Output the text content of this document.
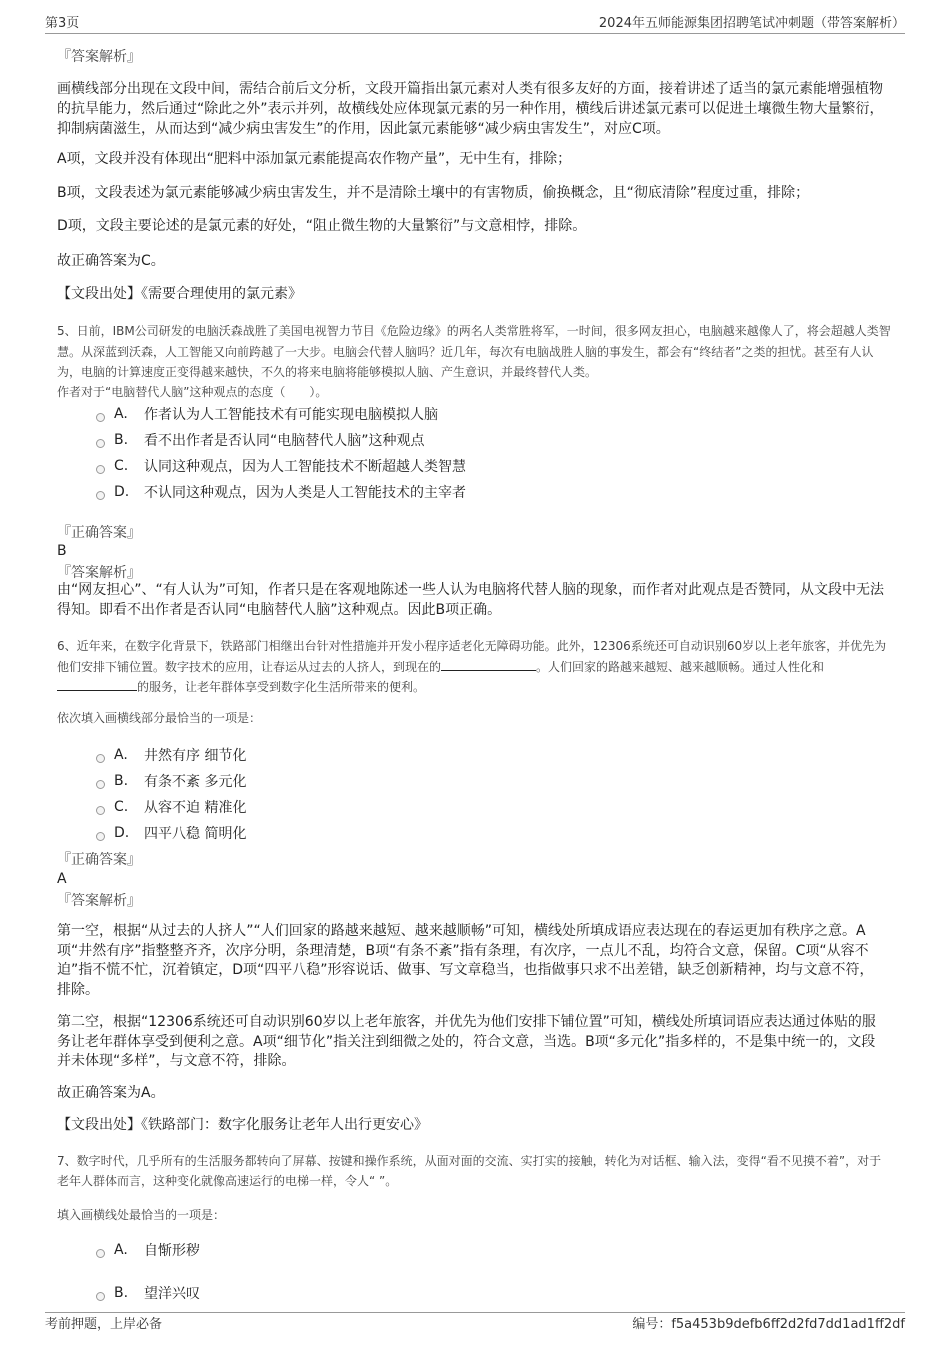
第3页	2024年五师能源集团招聘笔试冲刺题（带答案解析）
『答案解析』
画横线部分出现在文段中间，需结合前后文分析，文段开篇指出氯元素对人类有很多友好的方面，接着讲述了适当的氯元素能增强植物的抗旱能力，然后通过“除此之外”表示并列，故横线处应体现氯元素的另一种作用，横线后讲述氯元素可以促进土壤微生物大量繁衍，抑制病菌滋生，从而达到“减少病虫害发生”的作用，因此氯元素能够“减少病虫害发生”，对应C项。
A项，文段并没有体现出“肥料中添加氯元素能提高农作物产量”，无中生有，排除；
B项，文段表述为氯元素能够减少病虫害发生，并不是清除土壤中的有害物质，偷换概念，且“彻底清除”程度过重，排除；
D项，文段主要论述的是氯元素的好处，“阻止微生物的大量繁衍”与文意相悖，排除。
故正确答案为C。
【文段出处】《需要合理使用的氯元素》
5、日前，IBM公司研发的电脑沃森战胜了美国电视智力节目《危险边缘》的两名人类常胜将军，一时间，很多网友担心，电脑越来越像人了，将会超越人类智慧。从深蓝到沃森，人工智能又向前跨越了一大步。电脑会代替人脑吗？近几年，每次有电脑战胜人脑的事发生，都会有“终结者”之类的担忧。甚至有人认为，电脑的计算速度正变得越来越快，不久的将来电脑将能够模拟人脑、产生意识，并最终替代人类。
作者对于“电脑替代人脑”这种观点的态度（　　）。
A.	作者认为人工智能技术有可能实现电脑模拟人脑
B.	看不出作者是否认同“电脑替代人脑”这种观点
C.	认同这种观点，因为人工智能技术不断超越人类智慧
D.	不认同这种观点，因为人类是人工智能技术的主宰者
『正确答案』
B
『答案解析』
由“网友担心”、“有人认为”可知，作者只是在客观地陈述一些人认为电脑将代替人脑的现象，而作者对此观点是否赞同，从文段中无法得知。即看不出作者是否认同“电脑替代人脑”这种观点。因此B项正确。
6、近年来，在数字化背景下，铁路部门相继出台针对性措施并开发小程序适老化无障碍功能。此外，12306系统还可自动识别60岁以上老年旅客，并优先为他们安排下铺位置。数字技术的应用，让春运从过去的人挤人，到现在的	。人们回家的路越来越短、越来越顺畅。通过人性化和的服务，让老年群体享受到数字化生活所带来的便利。
依次填入画横线部分最恰当的一项是：
A.	井然有序 细节化
B.	有条不紊 多元化
C.	从容不迫 精准化
D.	四平八稳 简明化
『正确答案』
A
『答案解析』
第一空，根据“从过去的人挤人”“人们回家的路越来越短、越来越顺畅”可知，横线处所填成语应表达现在的春运更加有秩序之意。A项“井然有序”指整整齐齐，次序分明，条理清楚，B项“有条不紊”指有条理，有次序，一点儿不乱，均符合文意，保留。C项“从容不迫”指不慌不忙，沉着镇定，D项“四平八稳”形容说话、做事、写文章稳当，也指做事只求不出差错，缺乏创新精神，均与文意不符，排除。
第二空，根据“12306系统还可自动识别60岁以上老年旅客，并优先为他们安排下铺位置”可知，横线处所填词语应表达通过体贴的服务让老年群体享受到便利之意。A项“细节化”指关注到细微之处的，符合文意，当选。B项“多元化”指多样的，不是集中统一的，文段并未体现“多样”，与文意不符，排除。
故正确答案为A。
【文段出处】《铁路部门：数字化服务让老年人出行更安心》
7、数字时代，几乎所有的生活服务都转向了屏幕、按键和操作系统，从面对面的交流、实打实的接触，转化为对话框、输入法，变得“看不见摸不着”，对于老年人群体而言，这种变化就像高速运行的电梯一样，令人“ ”。
填入画横线处最恰当的一项是：
A.	自惭形秽
B.	望洋兴叹
考前押题，上岸必备	编号：f5a453b9defb6ff2d2fd7dd1ad1ff2df
